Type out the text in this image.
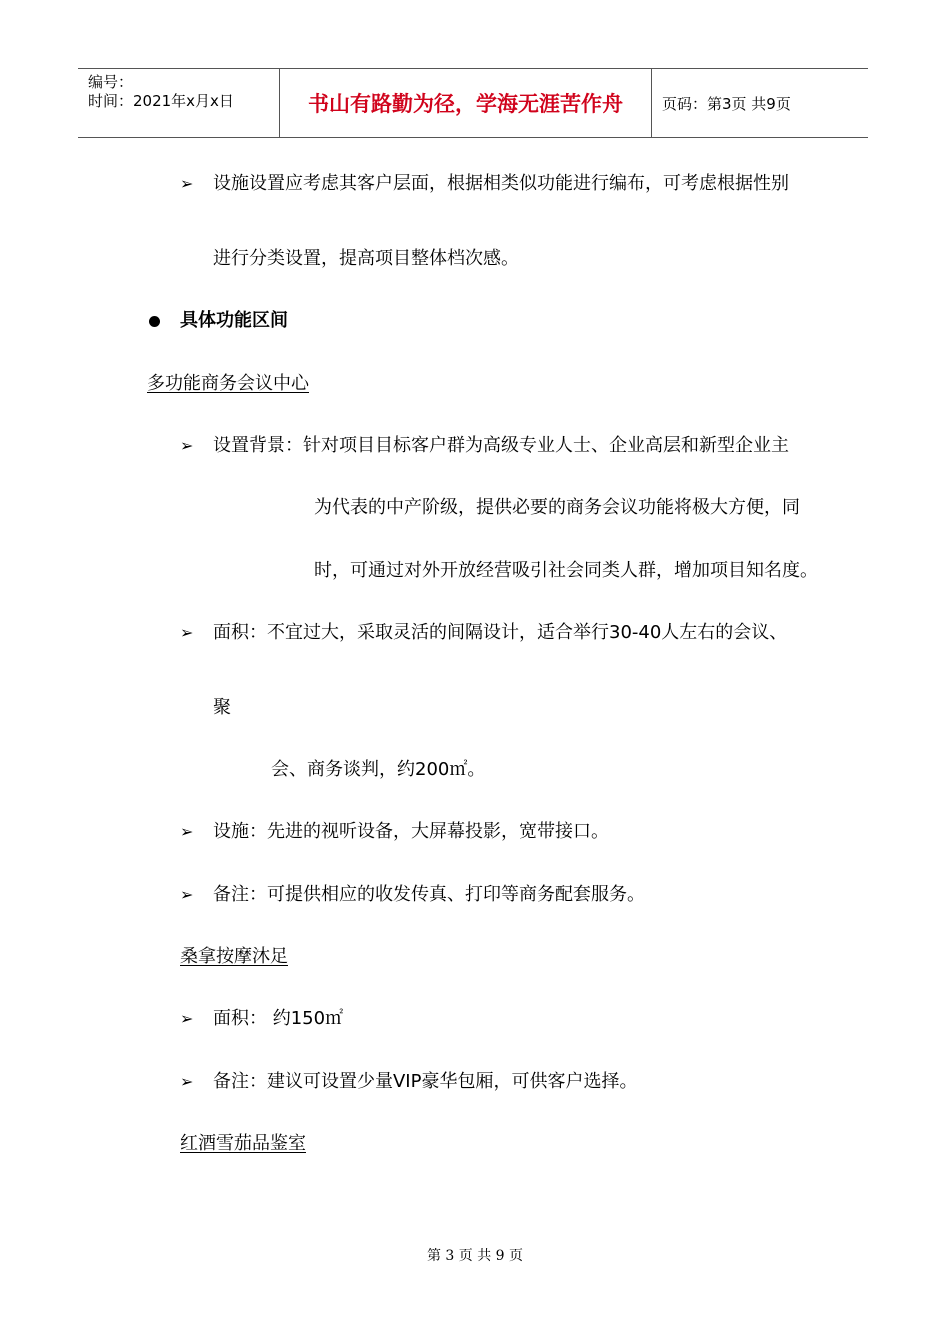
编号：
时间：2021年x月x日	书山有路勤为径，学海无涯苦作舟	页码：第3页 共9页
➢ 设施设置应考虑其客户层面，根据相类似功能进行编布，可考虑根据性别
进行分类设置，提高项目整体档次感。
具体功能区间
多功能商务会议中心
➢ 设置背景：针对项目目标客户群为高级专业人士、企业高层和新型企业主
为代表的中产阶级，提供必要的商务会议功能将极大方便，同
时，可通过对外开放经营吸引社会同类人群，增加项目知名度。
➢ 面积：不宜过大，采取灵活的间隔设计，适合举行30-40人左右的会议、
聚
会、商务谈判，约200㎡。
➢ 设施：先进的视听设备，大屏幕投影，宽带接口。
➢ 备注：可提供相应的收发传真、打印等商务配套服务。
桑拿按摩沐足
➢ 面积： 约150㎡
➢ 备注：建议可设置少量VIP豪华包厢，可供客户选择。
红酒雪茄品鉴室
第 3 页 共 9 页
